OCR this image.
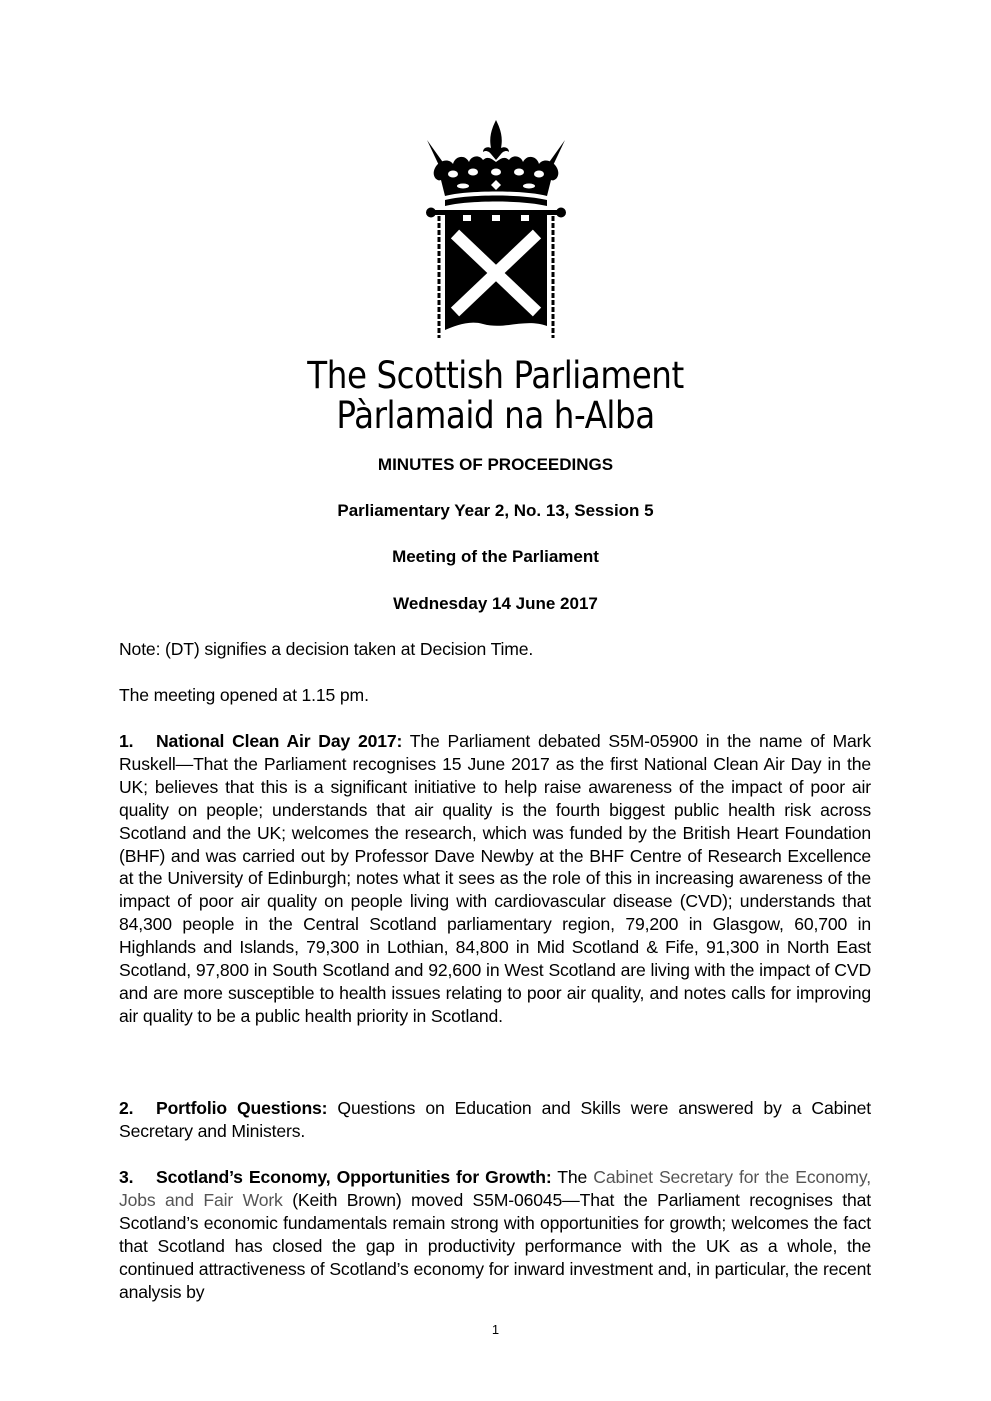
The Scottish Parliament
Pàrlamaid na h-Alba
MINUTES OF PROCEEDINGS
Parliamentary Year 2, No. 13, Session 5
Meeting of the Parliament
Wednesday 14 June 2017
Note: (DT) signifies a decision taken at Decision Time.
The meeting opened at 1.15 pm.
1. National Clean Air Day 2017: The Parliament debated S5M-05900 in the name of Mark Ruskell—That the Parliament recognises 15 June 2017 as the first National Clean Air Day in the UK; believes that this is a significant initiative to help raise awareness of the impact of poor air quality on people; understands that air quality is the fourth biggest public health risk across Scotland and the UK; welcomes the research, which was funded by the British Heart Foundation (BHF) and was carried out by Professor Dave Newby at the BHF Centre of Research Excellence at the University of Edinburgh; notes what it sees as the role of this in increasing awareness of the impact of poor air quality on people living with cardiovascular disease (CVD); understands that 84,300 people in the Central Scotland parliamentary region, 79,200 in Glasgow, 60,700 in Highlands and Islands, 79,300 in Lothian, 84,800 in Mid Scotland & Fife, 91,300 in North East Scotland, 97,800 in South Scotland and 92,600 in West Scotland are living with the impact of CVD and are more susceptible to health issues relating to poor air quality, and notes calls for improving air quality to be a public health priority in Scotland.
2. Portfolio Questions: Questions on Education and Skills were answered by a Cabinet Secretary and Ministers.
3. Scotland’s Economy, Opportunities for Growth: The Cabinet Secretary for the Economy, Jobs and Fair Work (Keith Brown) moved S5M-06045—That the Parliament recognises that Scotland’s economic fundamentals remain strong with opportunities for growth; welcomes the fact that Scotland has closed the gap in productivity performance with the UK as a whole, the continued attractiveness of Scotland’s economy for inward investment and, in particular, the recent analysis by
1
